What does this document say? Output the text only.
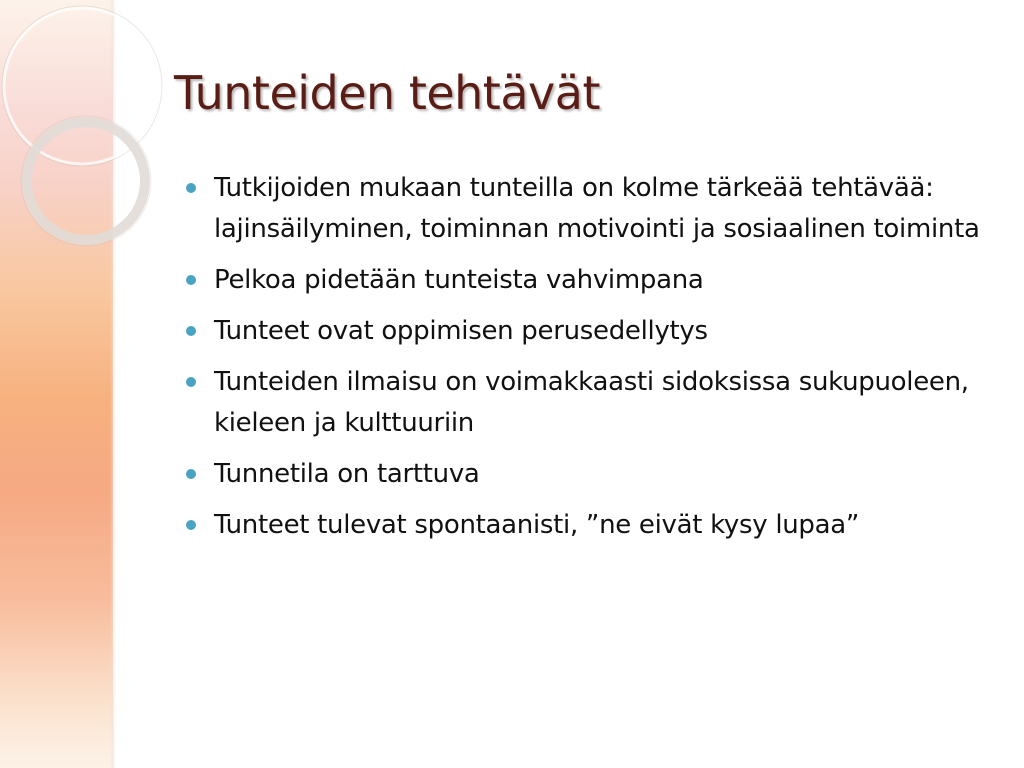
Tunteiden tehtävät
Tutkijoiden mukaan tunteilla on kolme tärkeää tehtävää: lajinsäilyminen, toiminnan motivointi ja sosiaalinen toiminta
Pelkoa pidetään tunteista vahvimpana
Tunteet ovat oppimisen perusedellytys
Tunteiden ilmaisu on voimakkaasti sidoksissa sukupuoleen, kieleen ja kulttuuriin
Tunnetila on tarttuva
Tunteet tulevat spontaanisti, ”ne eivät kysy lupaa”
